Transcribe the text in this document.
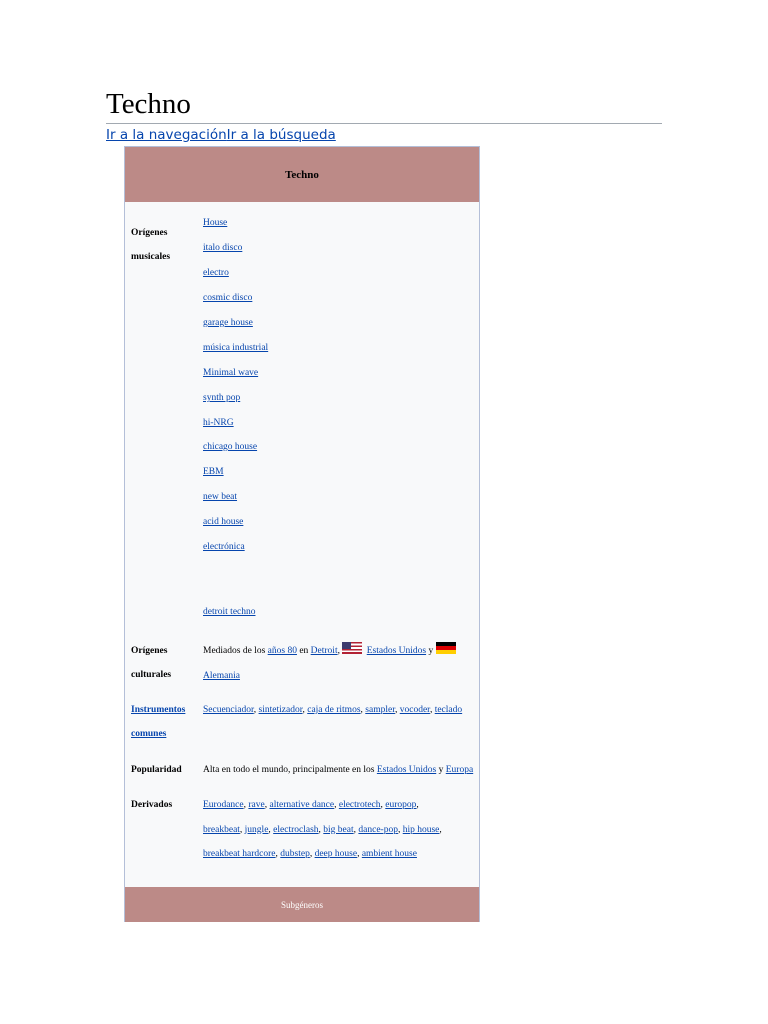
Techno
Ir a la navegaciónIr a la búsqueda
Techno
Orígenes
musicales
House
italo disco
electro
cosmic disco
garage house
música industrial
Minimal wave
synth pop
hi-NRG
chicago house
EBM
new beat
acid house
electrónica
detroit techno
Orígenes
culturales
Mediados de los años 80 en Detroit,	Estados Unidos y
Alemania
Instrumentos
comunes
Secuenciador, sintetizador, caja de ritmos, sampler, vocoder, teclado
Popularidad Alta en todo el mundo, principalmente en los Estados Unidos y Europa
Derivados	Eurodance, rave, alternative dance, electrotech, europop, breakbeat, jungle, electroclash, big beat, dance-pop, hip house, breakbeat hardcore, dubstep, deep house, ambient house
Subgéneros
